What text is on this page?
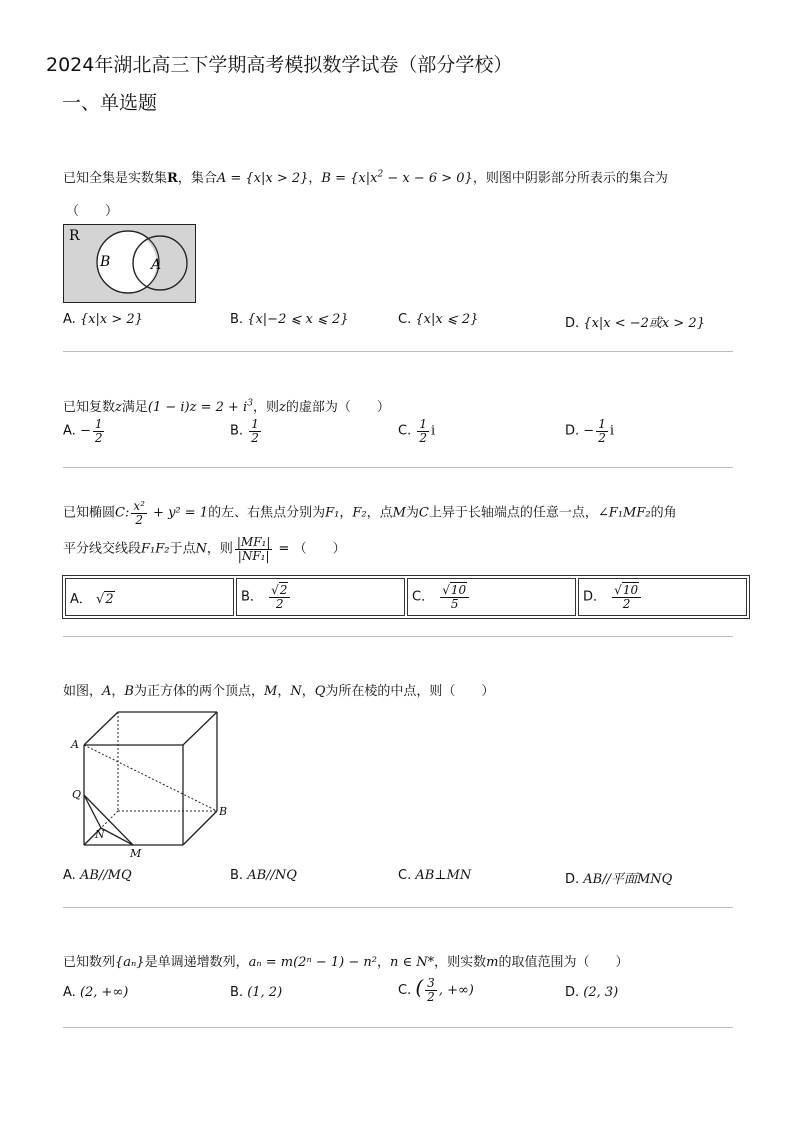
2024年湖北高三下学期高考模拟数学试卷（部分学校）
一、单选题
已知全集是实数集R，集合A = {x|x > 2}，$B = \{x|x^2 - x - 6 > 0\}$，则图中阴影部分所表示的集合为
（　　）
R
B	A
A. {x|x > 2}	B. {x|−2 ⩽ x ⩽ 2}	C. {x|x ⩽ 2}	D. {x|x < −2或x > 2}
已知复数z满足$(1 - i)z = 2 + i^3$，则z的虚部为（　　）
A. − $\frac{1}{2}$	B. $\frac{1}{2}$	C. $\frac{1}{2}$ i	D. − $\frac{1}{2}$ i
已知椭圆C: $\frac{\text{x²}}{2} + y^2 = 1$的左、右焦点分别为F₁，F₂，点M为C上异于长轴端点的任意一点，∠F₁MF₂的角
平分线交线段F₁F₂于点N，则 $\frac{\text{|MF₁|}}{\text{|NF₁|}}$ = （　　）
A． √2	B． $\frac{√2}{2}$	C． $\frac{√10}{5}$	D． $\frac{√10}{2}$
如图，A，B为正方体的两个顶点，M，N，Q为所在棱的中点，则（　　）
A
B
Q
N
M
A. AB//MQ	B. AB//NQ	C. AB⊥MN	D. AB//平面MNQ
已知数列{aₙ}是单调递增数列，aₙ = m(2ⁿ − 1) − n²，n ∈ N*，则实数m的取值范围为（　　）
A. (2, +∞)	B. (1, 2)	C. ( $\frac{3}{2}$ , +∞)	D. (2, 3)
